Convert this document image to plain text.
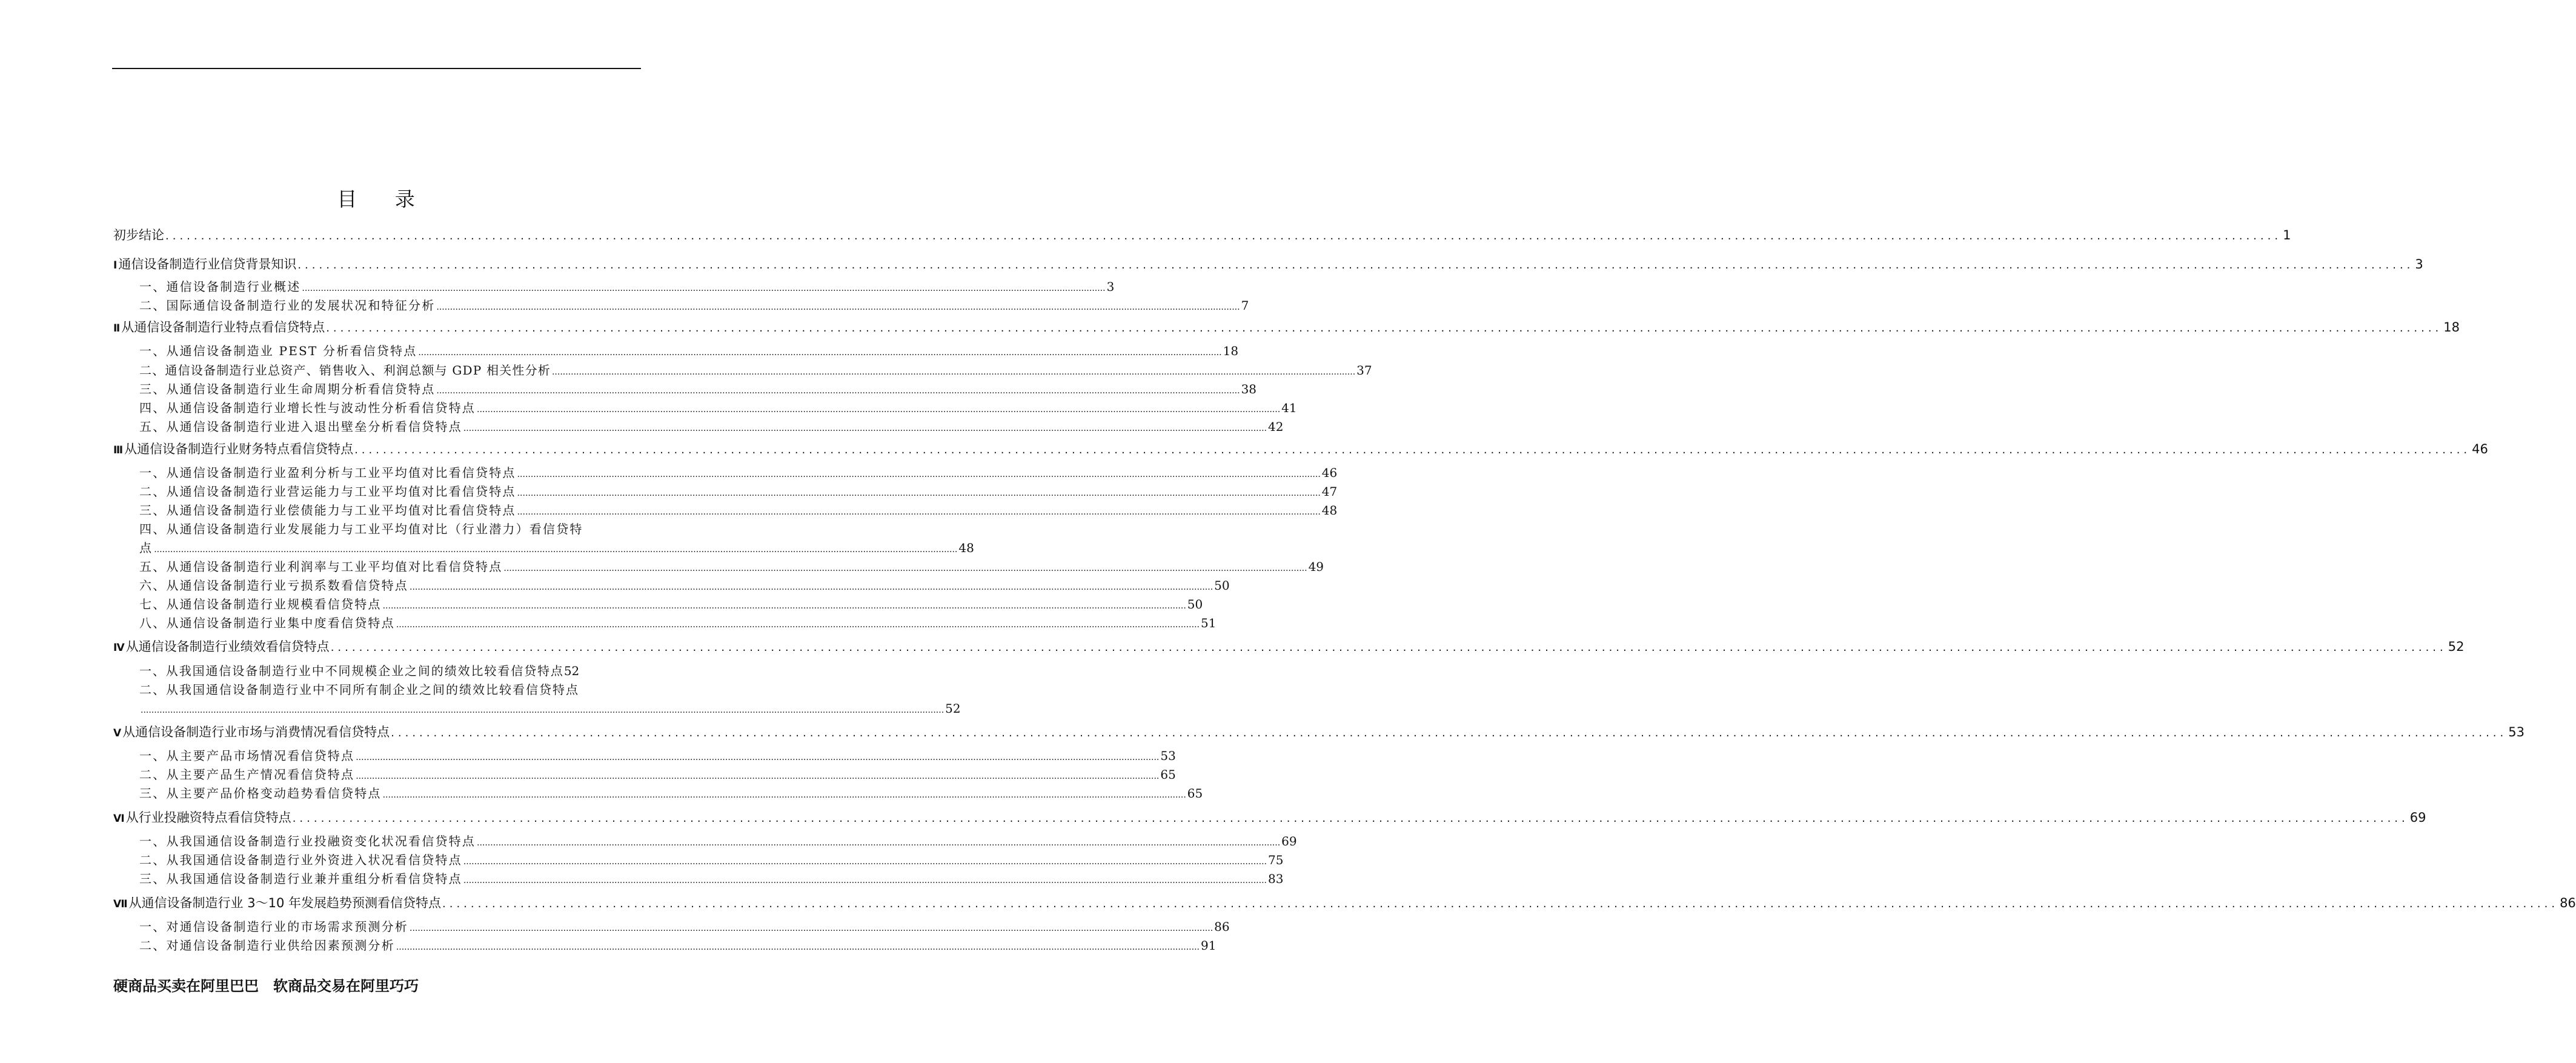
目 录
初步结论 .......................................................................................................................................................................................................................................................................................................... 1
Ⅰ通信设备制造行业信贷背景知识 .......................................................................................................................................................................................................................................................................................................... 3
一、通信设备制造行业概述 .......................................................................................................................................................................................................................................................................................................... 3
二、国际通信设备制造行业的发展状况和特征分析 .......................................................................................................................................................................................................................................................................................................... 7
Ⅱ从通信设备制造行业特点看信贷特点 .......................................................................................................................................................................................................................................................................................................... 18
一、从通信设备制造业 PEST 分析看信贷特点 .......................................................................................................................................................................................................................................................................................................... 18
二、通信设备制造行业总资产、销售收入、利润总额与 GDP 相关性分析 .......................................................................................................................................................................................................................................................................................................... 37
三、从通信设备制造行业生命周期分析看信贷特点 .......................................................................................................................................................................................................................................................................................................... 38
四、从通信设备制造行业增长性与波动性分析看信贷特点 .......................................................................................................................................................................................................................................................................................................... 41
五、从通信设备制造行业进入退出壁垒分析看信贷特点 .......................................................................................................................................................................................................................................................................................................... 42
Ⅲ从通信设备制造行业财务特点看信贷特点 .......................................................................................................................................................................................................................................................................................................... 46
一、从通信设备制造行业盈利分析与工业平均值对比看信贷特点 .......................................................................................................................................................................................................................................................................................................... 46
二、从通信设备制造行业营运能力与工业平均值对比看信贷特点 .......................................................................................................................................................................................................................................................................................................... 47
三、从通信设备制造行业偿债能力与工业平均值对比看信贷特点 .......................................................................................................................................................................................................................................................................................................... 48
四、从通信设备制造行业发展能力与工业平均值对比（行业潜力）看信贷特
点 .......................................................................................................................................................................................................................................................................................................... 48
五、从通信设备制造行业利润率与工业平均值对比看信贷特点 .......................................................................................................................................................................................................................................................................................................... 49
六、从通信设备制造行业亏损系数看信贷特点 .......................................................................................................................................................................................................................................................................................................... 50
七、从通信设备制造行业规模看信贷特点 .......................................................................................................................................................................................................................................................................................................... 50
八、从通信设备制造行业集中度看信贷特点 .......................................................................................................................................................................................................................................................................................................... 51
Ⅳ从通信设备制造行业绩效看信贷特点 .......................................................................................................................................................................................................................................................................................................... 52
一、从我国通信设备制造行业中不同规模企业之间的绩效比较看信贷特点 52
二、从我国通信设备制造行业中不同所有制企业之间的绩效比较看信贷特点
.......................................................................................................................................................................................................................................................................................................... 52
Ⅴ从通信设备制造行业市场与消费情况看信贷特点 .......................................................................................................................................................................................................................................................................................................... 53
一、从主要产品市场情况看信贷特点 .......................................................................................................................................................................................................................................................................................................... 53
二、从主要产品生产情况看信贷特点 .......................................................................................................................................................................................................................................................................................................... 65
三、从主要产品价格变动趋势看信贷特点 .......................................................................................................................................................................................................................................................................................................... 65
Ⅵ从行业投融资特点看信贷特点 .......................................................................................................................................................................................................................................................................................................... 69
一、从我国通信设备制造行业投融资变化状况看信贷特点 .......................................................................................................................................................................................................................................................................................................... 69
二、从我国通信设备制造行业外资进入状况看信贷特点 .......................................................................................................................................................................................................................................................................................................... 75
三、从我国通信设备制造行业兼并重组分析看信贷特点 .......................................................................................................................................................................................................................................................................................................... 83
Ⅶ从通信设备制造行业 3～10 年发展趋势预测看信贷特点 .......................................................................................................................................................................................................................................................................................................... 86
一、对通信设备制造行业的市场需求预测分析 .......................................................................................................................................................................................................................................................................................................... 86
二、对通信设备制造行业供给因素预测分析 .......................................................................................................................................................................................................................................................................................................... 91
硬商品买卖在阿里巴巴　软商品交易在阿里巧巧
